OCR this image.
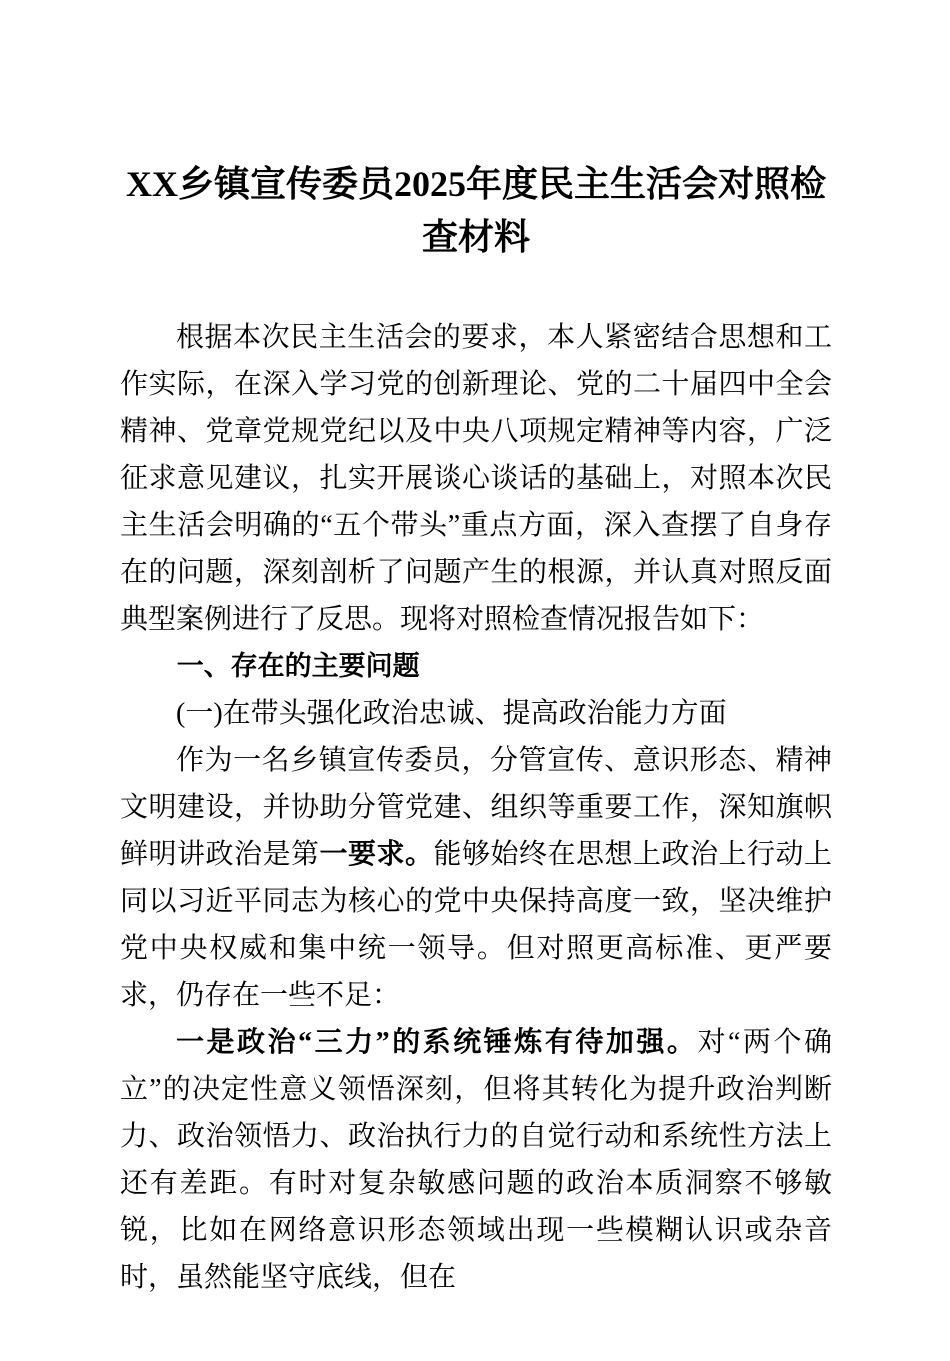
XX乡镇宣传委员2025年度民主生活会对照检查材料

根据本次民主生活会的要求，本人紧密结合思想和工作实际，在深入学习党的创新理论、党的二十届四中全会精神、党章党规党纪以及中央八项规定精神等内容，广泛征求意见建议，扎实开展谈心谈话的基础上，对照本次民主生活会明确的“五个带头”重点方面，深入查摆了自身存在的问题，深刻剖析了问题产生的根源，并认真对照反面典型案例进行了反思。现将对照检查情况报告如下：

一、存在的主要问题

(一)在带头强化政治忠诚、提高政治能力方面

作为一名乡镇宣传委员，分管宣传、意识形态、精神文明建设，并协助分管党建、组织等重要工作，深知旗帜鲜明讲政治是第一要求。能够始终在思想上政治上行动上同以习近平同志为核心的党中央保持高度一致，坚决维护党中央权威和集中统一领导。但对照更高标准、更严要求，仍存在一些不足：

一是政治“三力”的系统锤炼有待加强。对“两个确立”的决定性意义领悟深刻，但将其转化为提升政治判断力、政治领悟力、政治执行力的自觉行动和系统性方法上还有差距。有时对复杂敏感问题的政治本质洞察不够敏锐，比如在网络意识形态领域出现一些模糊认识或杂音时，虽然能坚守底线，但在
